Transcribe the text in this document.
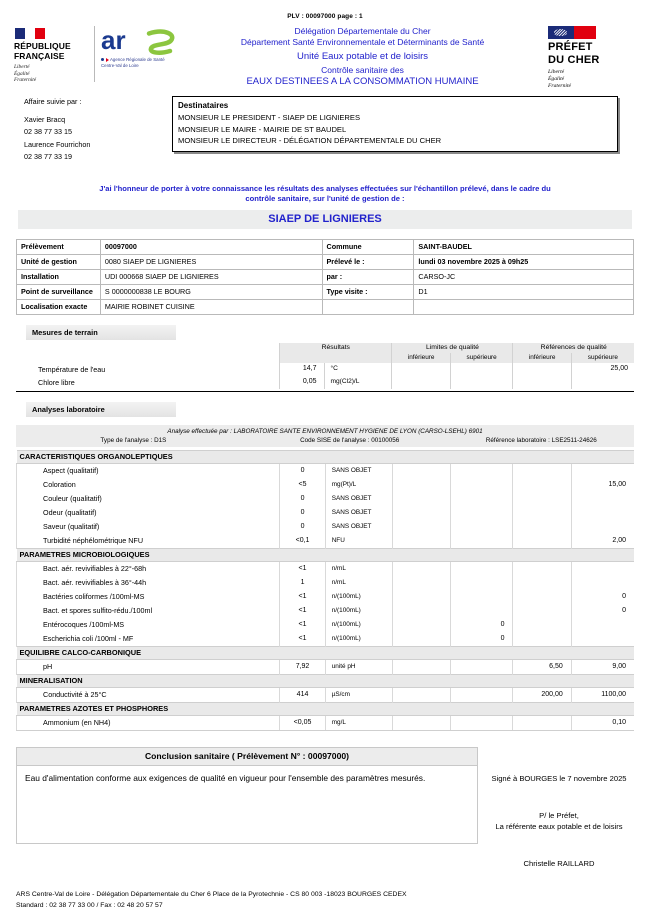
PLV : 00097000 page : 1
RÉPUBLIQUE
FRANÇAISE
Liberté
Égalité
Fraternité
ar
Agence Régionale de Santé
Centre-Val de Loire
Délégation Départementale du Cher
Département Santé Environnementale et Déterminants de Santé
Unité Eaux potable et de loisirs
Contrôle sanitaire des
EAUX DESTINEES A LA CONSOMMATION HUMAINE
PRÉFET
DU CHER
Liberté
Égalité
Fraternité
Affaire suivie par :
Xavier Bracq
02 38 77 33 15
Laurence Fourrichon
02 38 77 33 19
Destinataires
MONSIEUR LE PRESIDENT - SIAEP DE LIGNIERES
MONSIEUR LE MAIRE - MAIRIE DE ST BAUDEL
MONSIEUR LE DIRECTEUR - DÉLÉGATION DÉPARTEMENTALE DU CHER
J'ai l'honneur de porter à votre connaissance les résultats des analyses effectuées sur l'échantillon prélevé, dans le cadre du
contrôle sanitaire, sur l'unité de gestion de :
SIAEP DE LIGNIERES
Prélèvement	00097000	Commune	SAINT-BAUDEL
Unité de gestion	0080 SIAEP DE LIGNIERES	Prélevé le :	lundi 03 novembre 2025 à 09h25
Installation	UDI 000668 SIAEP DE LIGNIERES	par :	CARSO-JC
Point de surveillance	S 0000000838 LE BOURG	Type visite :	D1
Localisation exacte	MAIRIE ROBINET CUISINE		
Mesures de terrain
	Résultats		Limites de qualité		Références de qualité	
			inférieure	supérieure	inférieure	supérieure
Température de l'eau	14,7	°C				25,00
Chlore libre	0,05	mg(Cl2)/L				
Analyses laboratoire
Analyse effectuée par : LABORATOIRE SANTE ENVIRONNEMENT HYGIENE DE LYON (CARSO-LSEHL) 6901
Type de l'analyse : D1S	Code SISE de l'analyse : 00100056	Référence laboratoire : LSE2511-24626
CARACTERISTIQUES ORGANOLEPTIQUES						
Aspect (qualitatif)	0	SANS OBJET				
Coloration	<5	mg(Pt)/L				15,00
Couleur (qualitatif)	0	SANS OBJET				
Odeur (qualitatif)	0	SANS OBJET				
Saveur (qualitatif)	0	SANS OBJET				
Turbidité néphélométrique NFU	<0,1	NFU				2,00
PARAMETRES MICROBIOLOGIQUES						
Bact. aér. revivifiables à 22°-68h	<1	n/mL				
Bact. aér. revivifiables à 36°-44h	1	n/mL				
Bactéries coliformes /100ml-MS	<1	n/(100mL)				0
Bact. et spores sulfito-rédu./100ml	<1	n/(100mL)				0
Entérocoques /100ml-MS	<1	n/(100mL)		0		
Escherichia coli /100ml - MF	<1	n/(100mL)		0		
EQUILIBRE CALCO-CARBONIQUE						
pH	7,92	unité pH			6,50	9,00
MINERALISATION						
Conductivité à 25°C	414	µS/cm			200,00	1100,00
PARAMETRES AZOTES ET PHOSPHORES						
Ammonium (en NH4)	<0,05	mg/L				0,10
Conclusion sanitaire ( Prélèvement N° : 00097000)
Eau d'alimentation conforme aux exigences de qualité en vigueur pour l'ensemble des paramètres mesurés.	Signé à BOURGES le 7 novembre 2025
P/ le Préfet,
La référente eaux potable et de loisirs
Christelle RAILLARD
ARS Centre-Val de Loire - Délégation Départementale du Cher 6 Place de la Pyrotechnie - CS 80 003 -18023 BOURGES CEDEX
Standard : 02 38 77 33 00 / Fax : 02 48 20 57 57
